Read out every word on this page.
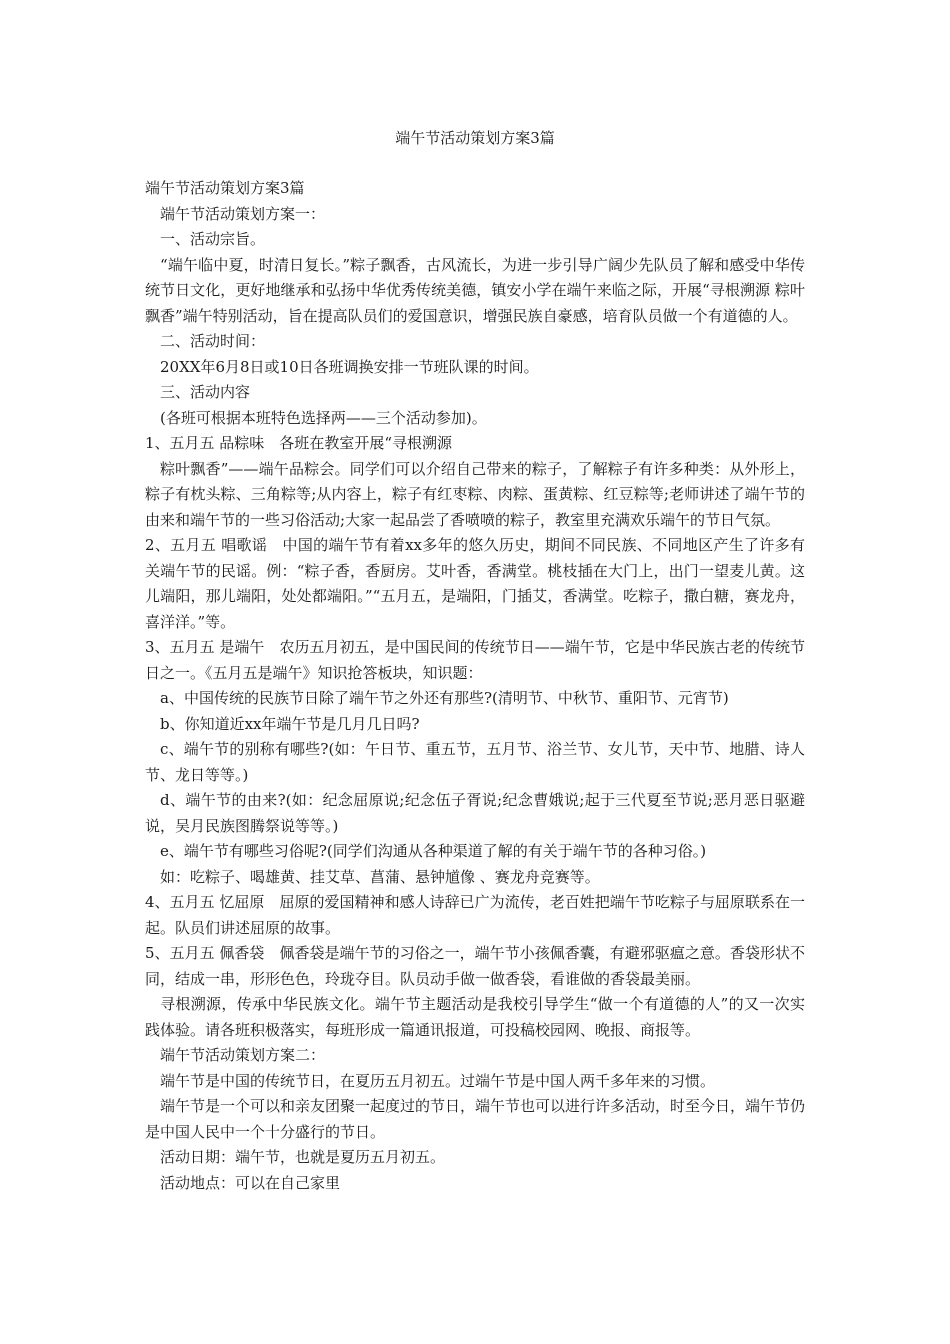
端午节活动策划方案3篇

端午节活动策划方案3篇

端午节活动策划方案一：

一、活动宗旨。

“端午临中夏，时清日复长。”粽子飘香，古风流长，为进一步引导广阔少先队员了解和感受中华传统节日文化，更好地继承和弘扬中华优秀传统美德，镇安小学在端午来临之际，开展“寻根溯源 粽叶飘香”端午特别活动，旨在提高队员们的爱国意识，增强民族自豪感，培育队员做一个有道德的人。

二、活动时间：

20XX年6月8日或10日各班调换安排一节班队课的时间。

三、活动内容

(各班可根据本班特色选择两——三个活动参加)。

1、五月五 品粽味　各班在教室开展“寻根溯源

粽叶飘香”——端午品粽会。同学们可以介绍自己带来的粽子，了解粽子有许多种类：从外形上，粽子有枕头粽、三角粽等;从内容上，粽子有红枣粽、肉粽、蛋黄粽、红豆粽等;老师讲述了端午节的由来和端午节的一些习俗活动;大家一起品尝了香喷喷的粽子，教室里充满欢乐端午的节日气氛。

2、五月五 唱歌谣　中国的端午节有着xx多年的悠久历史，期间不同民族、不同地区产生了许多有关端午节的民谣。例：“粽子香，香厨房。艾叶香，香满堂。桃枝插在大门上，出门一望麦儿黄。这儿端阳，那儿端阳，处处都端阳。”“五月五，是端阳，门插艾，香满堂。吃粽子，撒白糖，赛龙舟，喜洋洋。”等。

3、五月五 是端午　农历五月初五，是中国民间的传统节日——端午节，它是中华民族古老的传统节日之一。《五月五是端午》知识抢答板块，知识题：

a、中国传统的民族节日除了端午节之外还有那些?(清明节、中秋节、重阳节、元宵节)

b、你知道近xx年端午节是几月几日吗?

c、端午节的别称有哪些?(如：午日节、重五节，五月节、浴兰节、女儿节，天中节、地腊、诗人节、龙日等等。)

d、端午节的由来?(如：纪念屈原说;纪念伍子胥说;纪念曹娥说;起于三代夏至节说;恶月恶日驱避说，吴月民族图腾祭说等等。)

e、端午节有哪些习俗呢?(同学们沟通从各种渠道了解的有关于端午节的各种习俗。)

如：吃粽子、喝雄黄、挂艾草、菖蒲、悬钟馗像 、赛龙舟竞赛等。

4、五月五 忆屈原　屈原的爱国精神和感人诗辞已广为流传，老百姓把端午节吃粽子与屈原联系在一起。队员们讲述屈原的故事。

5、五月五 佩香袋　佩香袋是端午节的习俗之一，端午节小孩佩香囊，有避邪驱瘟之意。香袋形状不同，结成一串，形形色色，玲珑夺目。队员动手做一做香袋，看谁做的香袋最美丽。

寻根溯源，传承中华民族文化。端午节主题活动是我校引导学生“做一个有道德的人”的又一次实践体验。请各班积极落实，每班形成一篇通讯报道，可投稿校园网、晚报、商报等。

端午节活动策划方案二：

端午节是中国的传统节日，在夏历五月初五。过端午节是中国人两千多年来的习惯。

端午节是一个可以和亲友团聚一起度过的节日，端午节也可以进行许多活动，时至今日，端午节仍是中国人民中一个十分盛行的节日。

活动日期：端午节，也就是夏历五月初五。

活动地点：可以在自己家里
